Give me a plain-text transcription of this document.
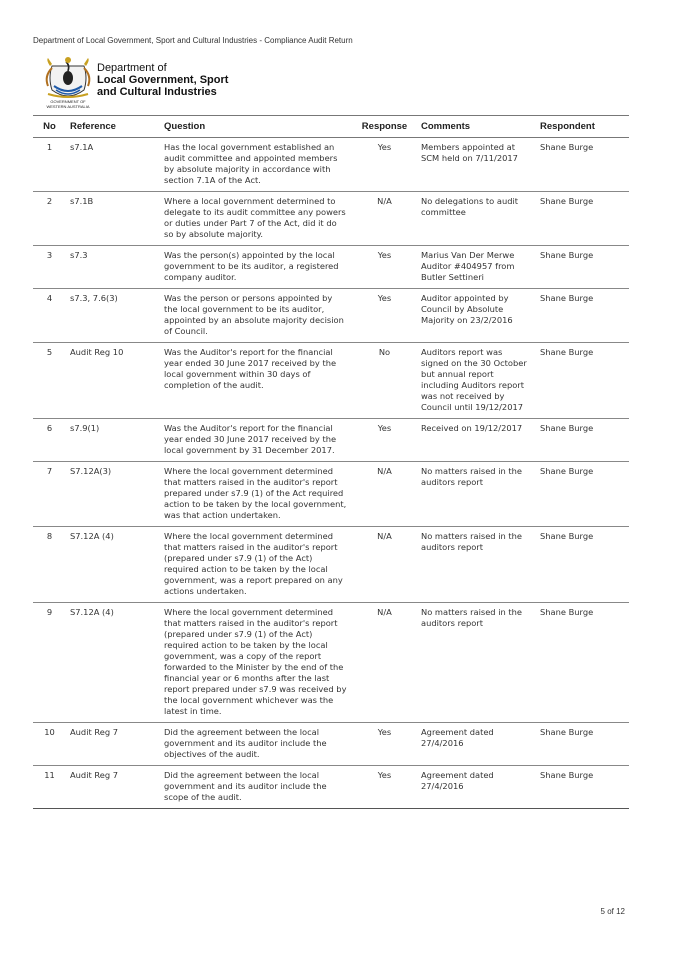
Department of Local Government, Sport and Cultural Industries - Compliance Audit Return
GOVERNMENT OF
WESTERN AUSTRALIA
Department of
Local Government, Sport
and Cultural Industries
No	Reference	Question	Response	Comments	Respondent
1	s7.1A	Has the local government established an audit committee and appointed members by absolute majority in accordance with section 7.1A of the Act.	Yes	Members appointed at SCM held on 7/11/2017	Shane Burge
2	s7.1B	Where a local government determined to delegate to its audit committee any powers or duties under Part 7 of the Act, did it do so by absolute majority.	N/A	No delegations to audit committee	Shane Burge
3	s7.3	Was the person(s) appointed by the local government to be its auditor, a registered company auditor.	Yes	Marius Van Der Merwe Auditor #404957 from Butler Settineri	Shane Burge
4	s7.3, 7.6(3)	Was the person or persons appointed by the local government to be its auditor, appointed by an absolute majority decision of Council.	Yes	Auditor appointed by Council by Absolute Majority on 23/2/2016	Shane Burge
5	Audit Reg 10	Was the Auditor's report for the financial year ended 30 June 2017 received by the local government within 30 days of completion of the audit.	No	Auditors report was signed on the 30 October but annual report including Auditors report was not received by Council until 19/12/2017	Shane Burge
6	s7.9(1)	Was the Auditor's report for the financial year ended 30 June 2017 received by the local government by 31 December 2017.	Yes	Received on 19/12/2017	Shane Burge
7	S7.12A(3)	Where the local government determined that matters raised in the auditor's report prepared under s7.9 (1) of the Act required action to be taken by the local government, was that action undertaken.	N/A	No matters raised in the auditors report	Shane Burge
8	S7.12A (4)	Where the local government determined that matters raised in the auditor's report (prepared under s7.9 (1) of the Act) required action to be taken by the local government, was a report prepared on any actions undertaken.	N/A	No matters raised in the auditors report	Shane Burge
9	S7.12A (4)	Where the local government determined that matters raised in the auditor's report (prepared under s7.9 (1) of the Act) required action to be taken by the local government, was a copy of the report forwarded to the Minister by the end of the financial year or 6 months after the last report prepared under s7.9 was received by the local government whichever was the latest in time.	N/A	No matters raised in the auditors report	Shane Burge
10	Audit Reg 7	Did the agreement between the local government and its auditor include the objectives of the audit.	Yes	Agreement dated 27/4/2016	Shane Burge
11	Audit Reg 7	Did the agreement between the local government and its auditor include the scope of the audit.	Yes	Agreement dated 27/4/2016	Shane Burge
5 of 12
